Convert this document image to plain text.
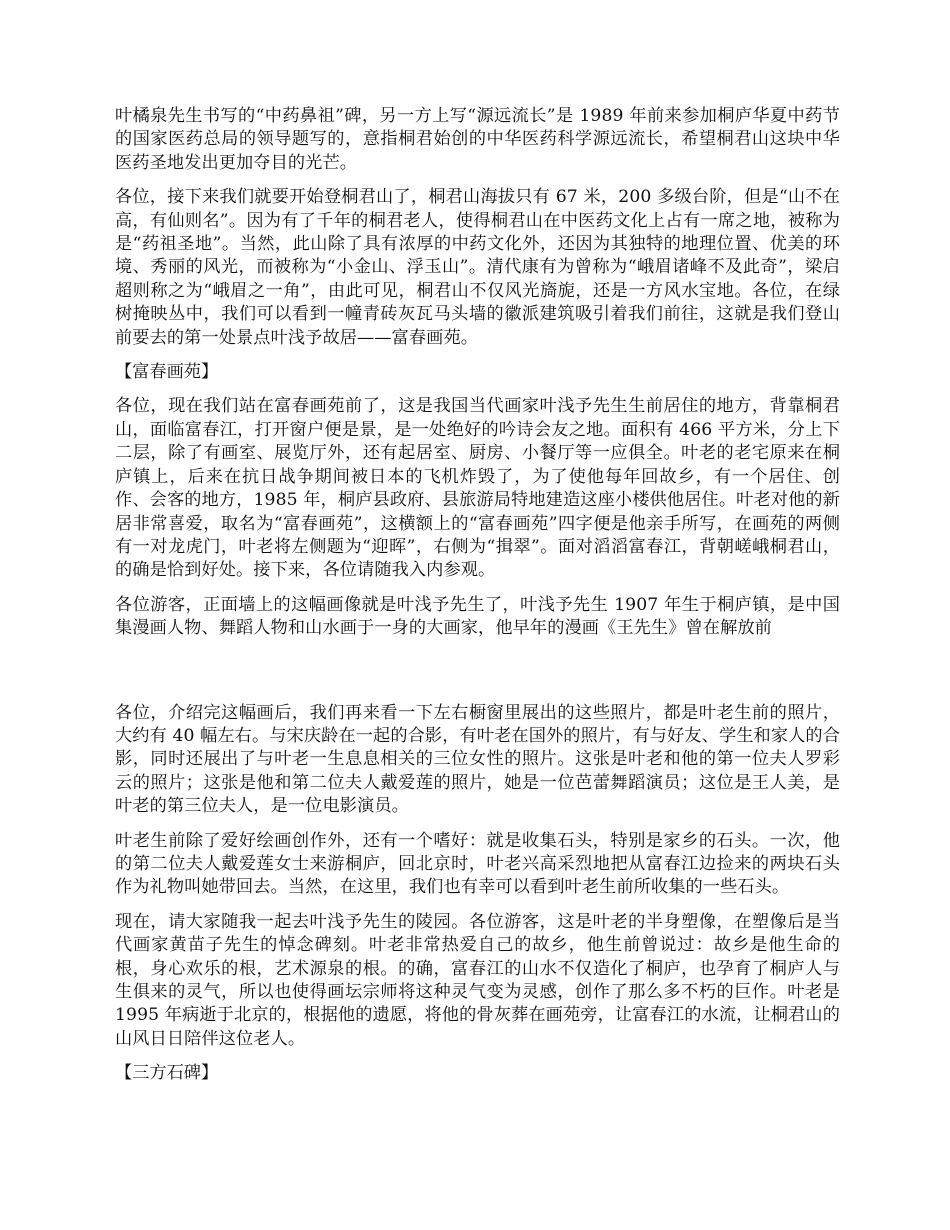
叶橘泉先生书写的“中药鼻祖”碑，另一方上写“源远流长”是 1989 年前来参加桐庐华夏中药节的国家医药总局的领导题写的，意指桐君始创的中华医药科学源远流长，希望桐君山这块中华医药圣地发出更加夺目的光芒。

各位，接下来我们就要开始登桐君山了，桐君山海拔只有 67 米，200 多级台阶，但是“山不在高，有仙则名”。因为有了千年的桐君老人，使得桐君山在中医药文化上占有一席之地，被称为是“药祖圣地”。当然，此山除了具有浓厚的中药文化外，还因为其独特的地理位置、优美的环境、秀丽的风光，而被称为“小金山、浮玉山”。清代康有为曾称为“峨眉诸峰不及此奇”，梁启超则称之为“峨眉之一角”，由此可见，桐君山不仅风光旖旎，还是一方风水宝地。各位，在绿树掩映丛中，我们可以看到一幢青砖灰瓦马头墙的徽派建筑吸引着我们前往，这就是我们登山前要去的第一处景点叶浅予故居——富春画苑。

【富春画苑】

各位，现在我们站在富春画苑前了，这是我国当代画家叶浅予先生生前居住的地方，背靠桐君山，面临富春江，打开窗户便是景，是一处绝好的吟诗会友之地。面积有 466 平方米，分上下二层，除了有画室、展览厅外，还有起居室、厨房、小餐厅等一应俱全。叶老的老宅原来在桐庐镇上，后来在抗日战争期间被日本的飞机炸毁了，为了使他每年回故乡，有一个居住、创作、会客的地方，1985 年，桐庐县政府、县旅游局特地建造这座小楼供他居住。叶老对他的新居非常喜爱，取名为“富春画苑”，这横额上的“富春画苑”四字便是他亲手所写，在画苑的两侧有一对龙虎门，叶老将左侧题为“迎晖”，右侧为“揖翠”。面对滔滔富春江，背朝嵯峨桐君山，的确是恰到好处。接下来，各位请随我入内参观。

各位游客，正面墙上的这幅画像就是叶浅予先生了，叶浅予先生 1907 年生于桐庐镇，是中国集漫画人物、舞蹈人物和山水画于一身的大画家，他早年的漫画《王先生》曾在解放前

各位，介绍完这幅画后，我们再来看一下左右橱窗里展出的这些照片，都是叶老生前的照片，大约有 40 幅左右。与宋庆龄在一起的合影，有叶老在国外的照片，有与好友、学生和家人的合影，同时还展出了与叶老一生息息相关的三位女性的照片。这张是叶老和他的第一位夫人罗彩云的照片；这张是他和第二位夫人戴爱莲的照片，她是一位芭蕾舞蹈演员；这位是王人美，是叶老的第三位夫人，是一位电影演员。

叶老生前除了爱好绘画创作外，还有一个嗜好：就是收集石头，特别是家乡的石头。一次，他的第二位夫人戴爱莲女士来游桐庐，回北京时，叶老兴高采烈地把从富春江边捡来的两块石头作为礼物叫她带回去。当然，在这里，我们也有幸可以看到叶老生前所收集的一些石头。

现在，请大家随我一起去叶浅予先生的陵园。各位游客，这是叶老的半身塑像，在塑像后是当代画家黄苗子先生的悼念碑刻。叶老非常热爱自己的故乡，他生前曾说过：故乡是他生命的根，身心欢乐的根，艺术源泉的根。的确，富春江的山水不仅造化了桐庐，也孕育了桐庐人与生俱来的灵气，所以也使得画坛宗师将这种灵气变为灵感，创作了那么多不朽的巨作。叶老是 1995 年病逝于北京的，根据他的遗愿，将他的骨灰葬在画苑旁，让富春江的水流，让桐君山的山风日日陪伴这位老人。

【三方石碑】
